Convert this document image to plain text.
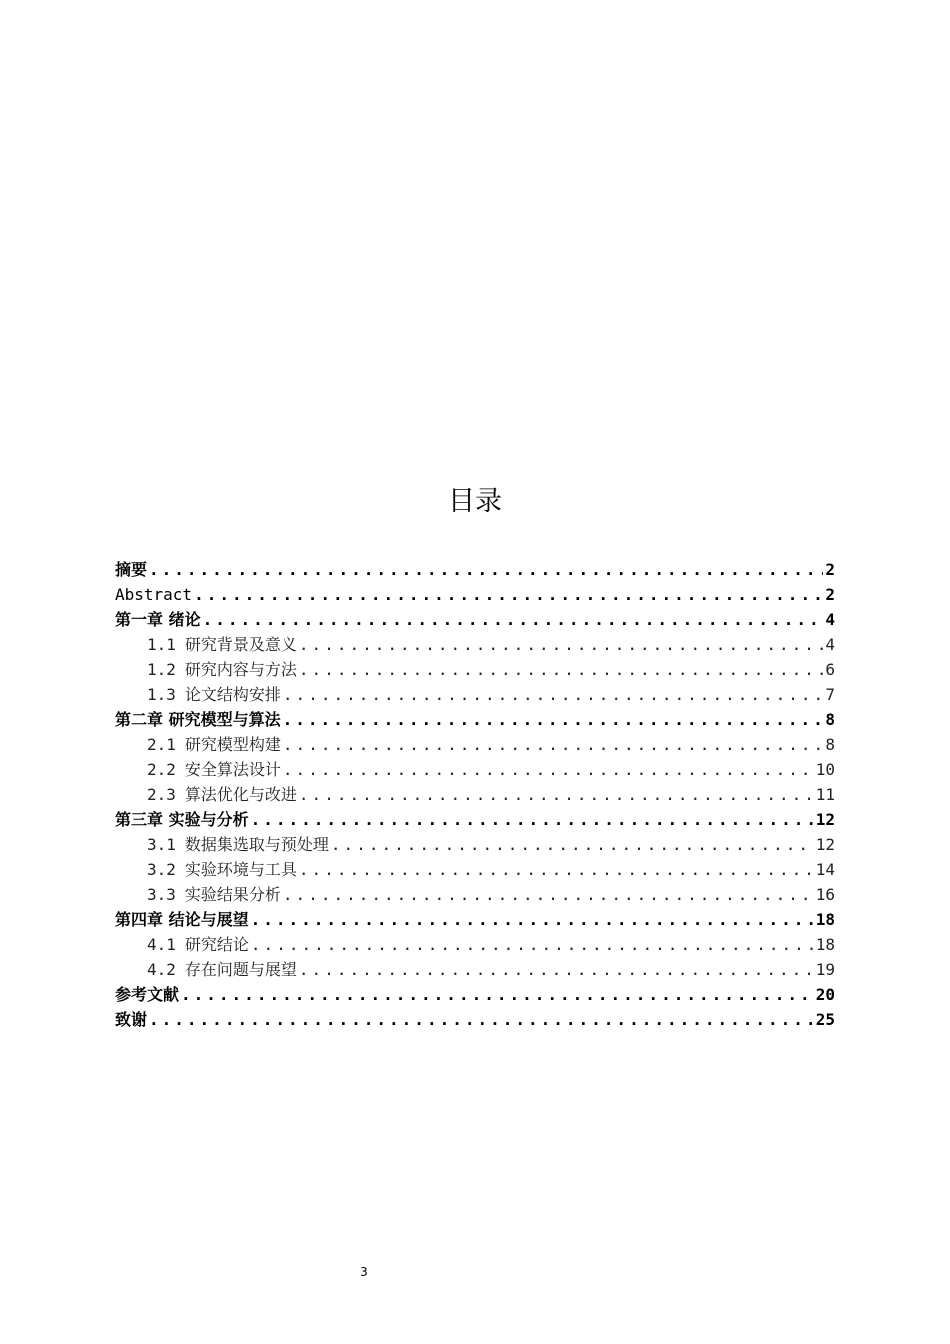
目录
摘要 .....	2
Abstract .....	2
第一章 绪论 .....	4
1.1 研究背景及意义 .....	4
1.2 研究内容与方法 .....	6
1.3 论文结构安排 .....	7
第二章 研究模型与算法 .....	8
2.1 研究模型构建 .....	8
2.2 安全算法设计 .....	10
2.3 算法优化与改进 .....	11
第三章 实验与分析 .....	12
3.1 数据集选取与预处理 .....	12
3.2 实验环境与工具 .....	14
3.3 实验结果分析 .....	16
第四章 结论与展望 .....	18
4.1 研究结论 .....	18
4.2 存在问题与展望 .....	19
参考文献 .....	20
致谢 .....	25
3
